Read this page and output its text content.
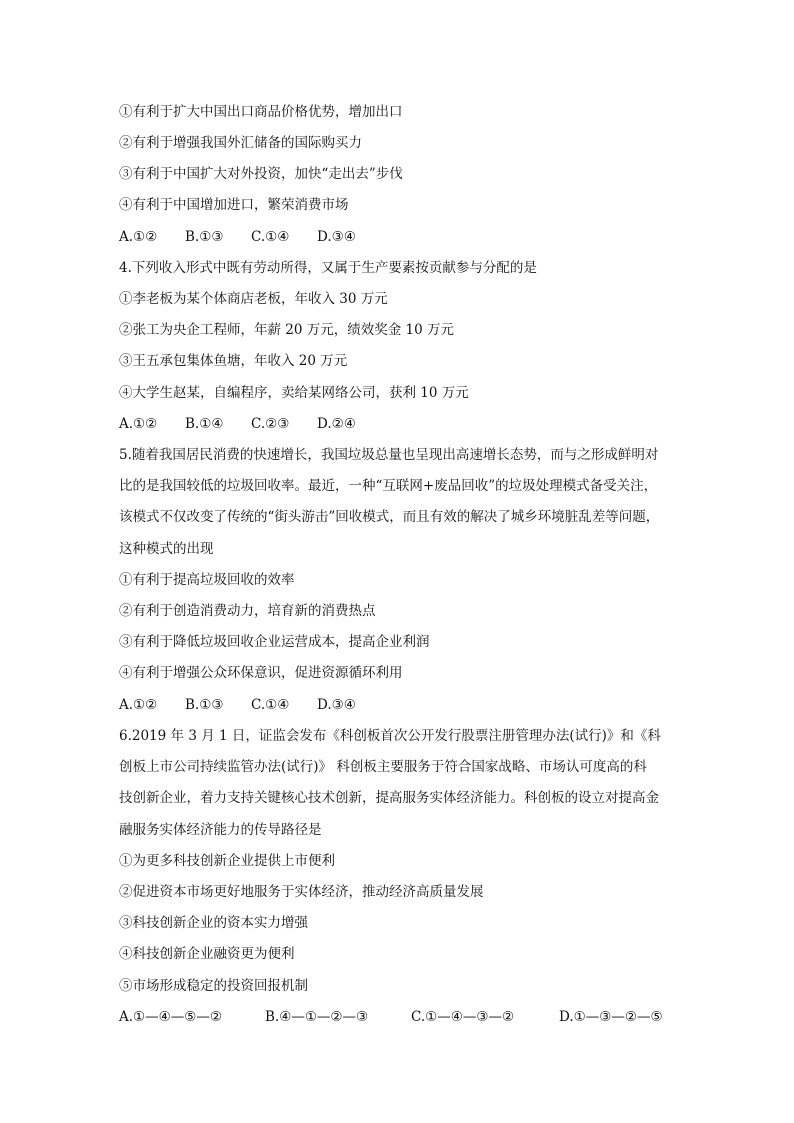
①有利于扩大中国出口商品价格优势，增加出口

②有利于增强我国外汇储备的国际购买力

③有利于中国扩大对外投资，加快“走出去”步伐

④有利于中国增加进口，繁荣消费市场

A.①②	B.①③	C.①④	D.③④

4.下列收入形式中既有劳动所得，又属于生产要素按贡献参与分配的是

①李老板为某个体商店老板，年收入 30 万元

②张工为央企工程师，年薪 20 万元，绩效奖金 10 万元

③王五承包集体鱼塘，年收入 20 万元

④大学生赵某，自编程序，卖给某网络公司，获利 10 万元

A.①②	B.①④	C.②③	D.②④

5.随着我国居民消费的快速增长，我国垃圾总量也呈现出高速增长态势，而与之形成鲜明对

比的是我国较低的垃圾回收率。最近，一种“互联网+废品回收”的垃圾处理模式备受关注，

该模式不仅改变了传统的“街头游击”回收模式，而且有效的解决了城乡环境脏乱差等问题，

这种模式的出现

①有利于提高垃圾回收的效率

②有利于创造消费动力，培育新的消费热点

③有利于降低垃圾回收企业运营成本，提高企业利润

④有利于增强公众环保意识，促进资源循环利用

A.①②	B.①③	C.①④	D.③④

6.2019 年 3 月 1 日，证监会发布《科创板首次公开发行股票注册管理办法(试行)》和《科

创板上市公司持续监管办法(试行)》 科创板主要服务于符合国家战略、市场认可度高的科

技创新企业，着力支持关键核心技术创新，提高服务实体经济能力。科创板的设立对提高金

融服务实体经济能力的传导路径是

①为更多科技创新企业提供上市便利

②促进资本市场更好地服务于实体经济，推动经济高质量发展

③科技创新企业的资本实力增强

④科技创新企业融资更为便利

⑤市场形成稳定的投资回报机制

A.①—④—⑤—②	B.④—①—②—③	C.①—④—③—②	D.①—③—②—⑤
